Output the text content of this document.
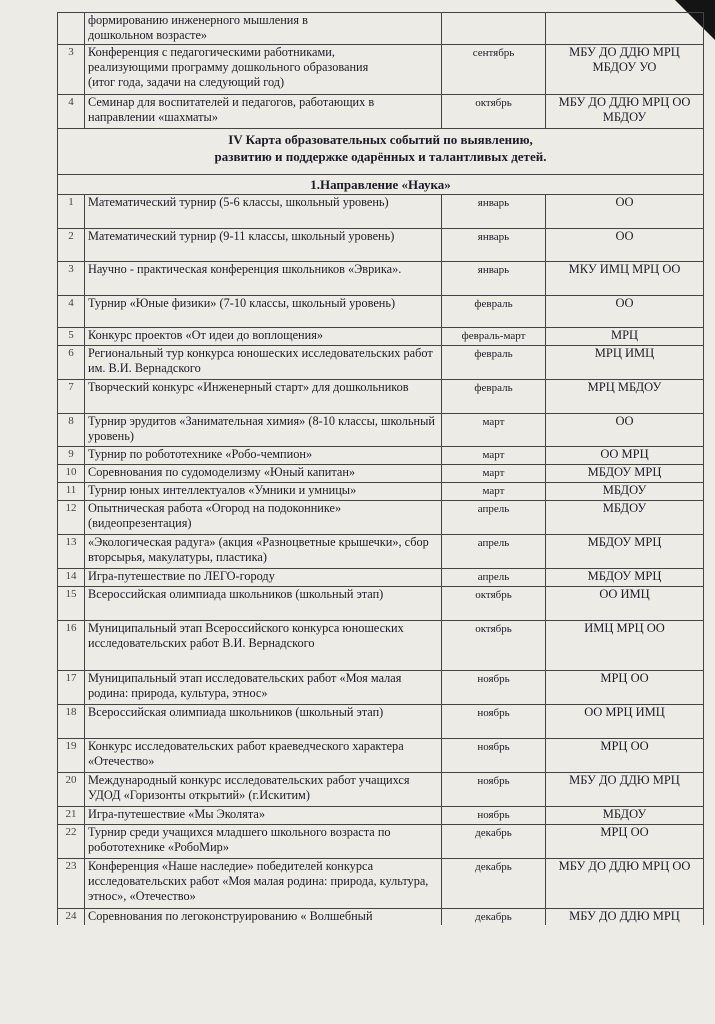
	формированию инженерного мышления в
дошкольном возрасте»		

3	Конференция с педагогическими работниками,
реализующими программу дошкольного образования
(итог года, задачи на следующий год)	сентябрь	МБУ ДО ДДЮ МРЦ МБДОУ УО
4	Семинар для воспитателей и педагогов, работающих в
направлении «шахматы»	октябрь	МБУ ДО ДДЮ МРЦ ОО МБДОУ

IV Карта образовательных событий по выявлению,
развитию и поддержке одарённых и талантливых детей.			

1.Направление «Наука»			
1	Математический турнир (5-6 классы, школьный уровень)	январь	ОО
2	Математический турнир (9-11 классы, школьный уровень)	январь	ОО
3	Научно - практическая конференция школьников «Эврика».	январь	МКУ ИМЦ МРЦ ОО
4	Турнир «Юные физики» (7-10 классы, школьный уровень)	февраль	ОО
5	Конкурс проектов «От идеи до воплощения»	февраль-март	МРЦ
6	Региональный тур конкурса юношеских исследовательских работ им. В.И. Вернадского	февраль	МРЦ ИМЦ
7	Творческий конкурс «Инженерный старт» для дошкольников	февраль	МРЦ МБДОУ
8	Турнир эрудитов «Занимательная химия» (8-10 классы, школьный уровень)	март	ОО
9	Турнир по робототехнике «Робо-чемпион»	март	ОО МРЦ
10	Соревнования по судомоделизму «Юный капитан»	март	МБДОУ МРЦ
11	Турнир юных интеллектуалов «Умники и умницы»	март	МБДОУ
12	Опытническая работа «Огород на подоконнике» (видеопрезентация)	апрель	МБДОУ
13	«Экологическая радуга» (акция «Разноцветные крышечки», сбор вторсырья, макулатуры, пластика)	апрель	МБДОУ МРЦ
14	Игра-путешествие по ЛЕГО-городу	апрель	МБДОУ МРЦ
15	Всероссийская олимпиада школьников (школьный этап)	октябрь	ОО ИМЦ
16	Муниципальный этап Всероссийского конкурса юношеских исследовательских работ В.И. Вернадского	октябрь	ИМЦ МРЦ ОО
17	Муниципальный этап исследовательских работ «Моя малая родина: природа, культура, этнос»	ноябрь	МРЦ ОО
18	Всероссийская олимпиада школьников (школьный этап)	ноябрь	ОО МРЦ ИМЦ
19	Конкурс исследовательских работ краеведческого характера «Отечество»	ноябрь	МРЦ ОО
20	Международный конкурс исследовательских работ учащихся УДОД «Горизонты открытий» (г.Искитим)	ноябрь	МБУ ДО ДДЮ МРЦ
21	Игра-путешествие «Мы Эколята»	ноябрь	МБДОУ
22	Турнир среди учащихся младшего школьного возраста по робототехнике «РобоМир»	декабрь	МРЦ ОО
23	Конференция «Наше наследие» победителей конкурса исследовательских работ «Моя малая родина: природа, культура, этнос», «Отечество»	декабрь	МБУ ДО ДДЮ МРЦ ОО
24	Соревнования по легоконструированию « Волшебный	декабрь	МБУ ДО ДДЮ МРЦ
